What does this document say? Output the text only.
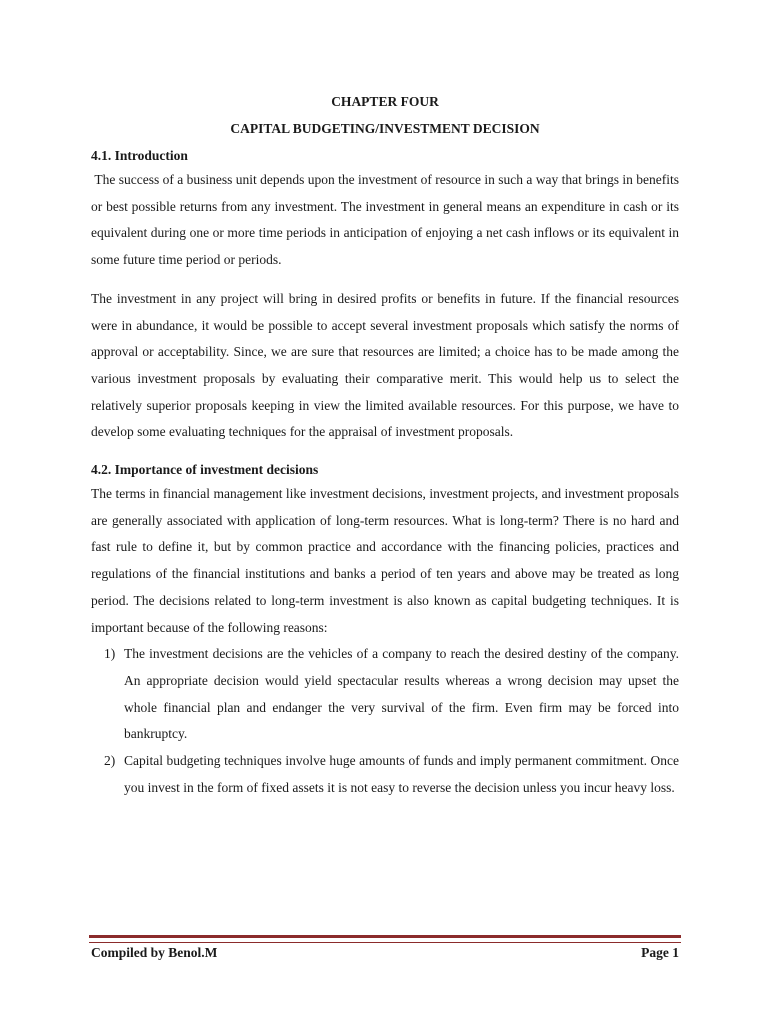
CHAPTER FOUR

CAPITAL BUDGETING/INVESTMENT DECISION

4.1. Introduction

The success of a business unit depends upon the investment of resource in such a way that brings in benefits or best possible returns from any investment. The investment in general means an expenditure in cash or its equivalent during one or more time periods in anticipation of enjoying a net cash inflows or its equivalent in some future time period or periods.

The investment in any project will bring in desired profits or benefits in future. If the financial resources were in abundance, it would be possible to accept several investment proposals which satisfy the norms of approval or acceptability. Since, we are sure that resources are limited; a choice has to be made among the various investment proposals by evaluating their comparative merit. This would help us to select the relatively superior proposals keeping in view the limited available resources. For this purpose, we have to develop some evaluating techniques for the appraisal of investment proposals.

4.2. Importance of investment decisions

The terms in financial management like investment decisions, investment projects, and investment proposals are generally associated with application of long-term resources. What is long-term? There is no hard and fast rule to define it, but by common practice and accordance with the financing policies, practices and regulations of the financial institutions and banks a period of ten years and above may be treated as long period. The decisions related to long-term investment is also known as capital budgeting techniques. It is important because of the following reasons:

1) The investment decisions are the vehicles of a company to reach the desired destiny of the company. An appropriate decision would yield spectacular results whereas a wrong decision may upset the whole financial plan and endanger the very survival of the firm. Even firm may be forced into bankruptcy.
2) Capital budgeting techniques involve huge amounts of funds and imply permanent commitment. Once you invest in the form of fixed assets it is not easy to reverse the decision unless you incur heavy loss.
Compiled by Benol.M	Page 1
